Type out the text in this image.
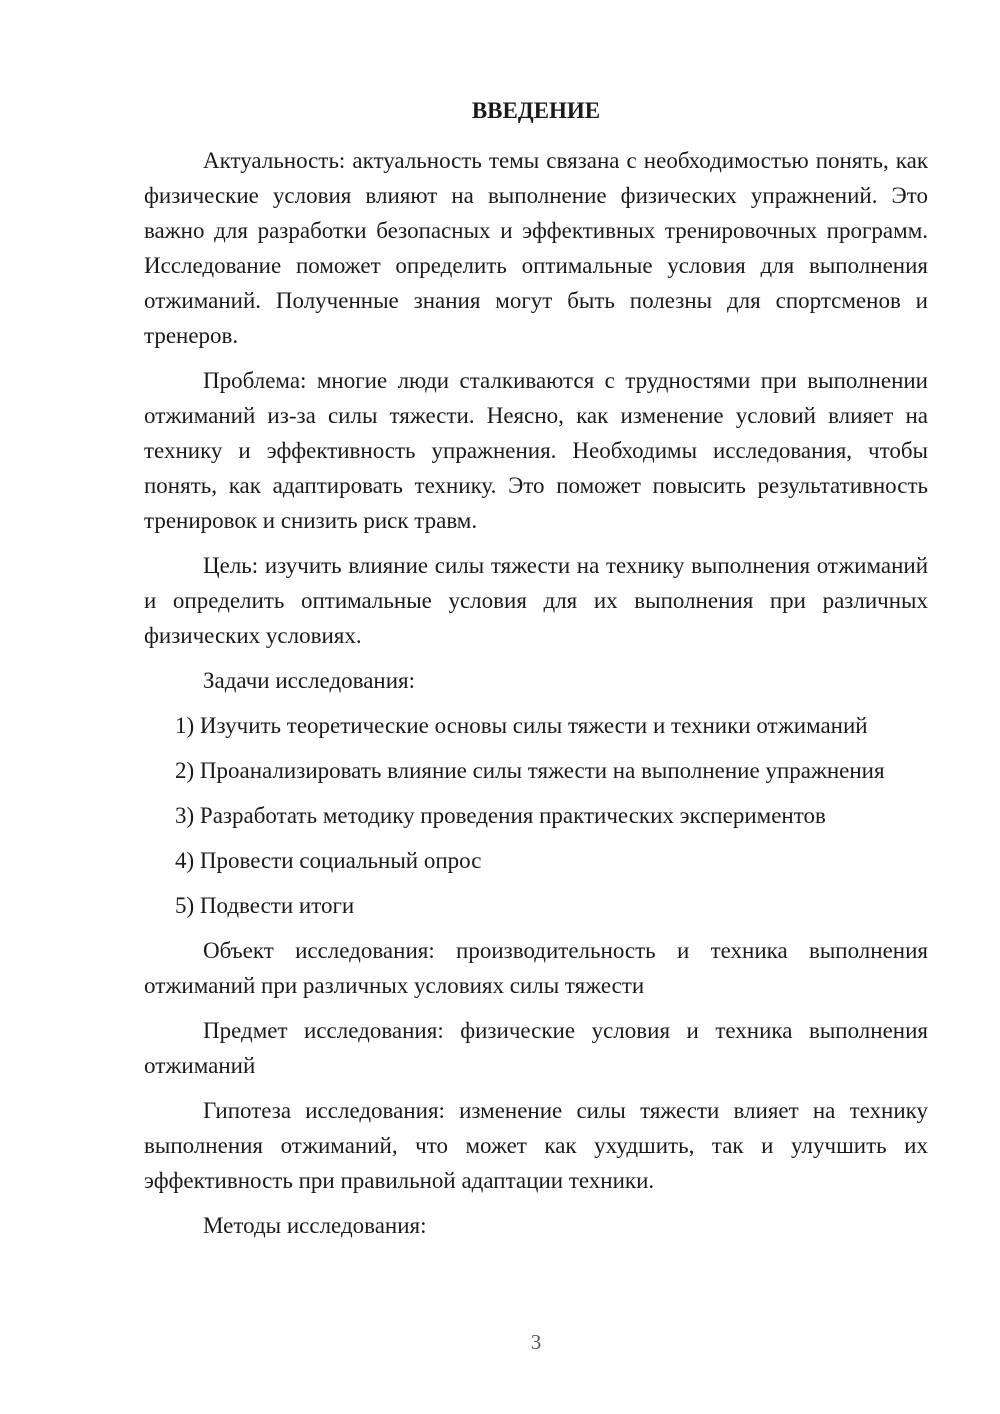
ВВЕДЕНИЕ

Актуальность: актуальность темы связана с необходимостью понять, как физические условия влияют на выполнение физических упражнений. Это важно для разработки безопасных и эффективных тренировочных программ. Исследование поможет определить оптимальные условия для выполнения отжиманий. Полученные знания могут быть полезны для спортсменов и тренеров.

Проблема: многие люди сталкиваются с трудностями при выполнении отжиманий из-за силы тяжести. Неясно, как изменение условий влияет на технику и эффективность упражнения. Необходимы исследования, чтобы понять, как адаптировать технику. Это поможет повысить результативность тренировок и снизить риск травм.

Цель: изучить влияние силы тяжести на технику выполнения отжиманий и определить оптимальные условия для их выполнения при различных физических условиях.

Задачи исследования:

1) Изучить теоретические основы силы тяжести и техники отжиманий

2) Проанализировать влияние силы тяжести на выполнение упражнения

3) Разработать методику проведения практических экспериментов

4) Провести социальный опрос

5) Подвести итоги

Объект исследования: производительность и техника выполнения отжиманий при различных условиях силы тяжести

Предмет исследования: физические условия и техника выполнения отжиманий

Гипотеза исследования: изменение силы тяжести влияет на технику выполнения отжиманий, что может как ухудшить, так и улучшить их эффективность при правильной адаптации техники.

Методы исследования:

3
